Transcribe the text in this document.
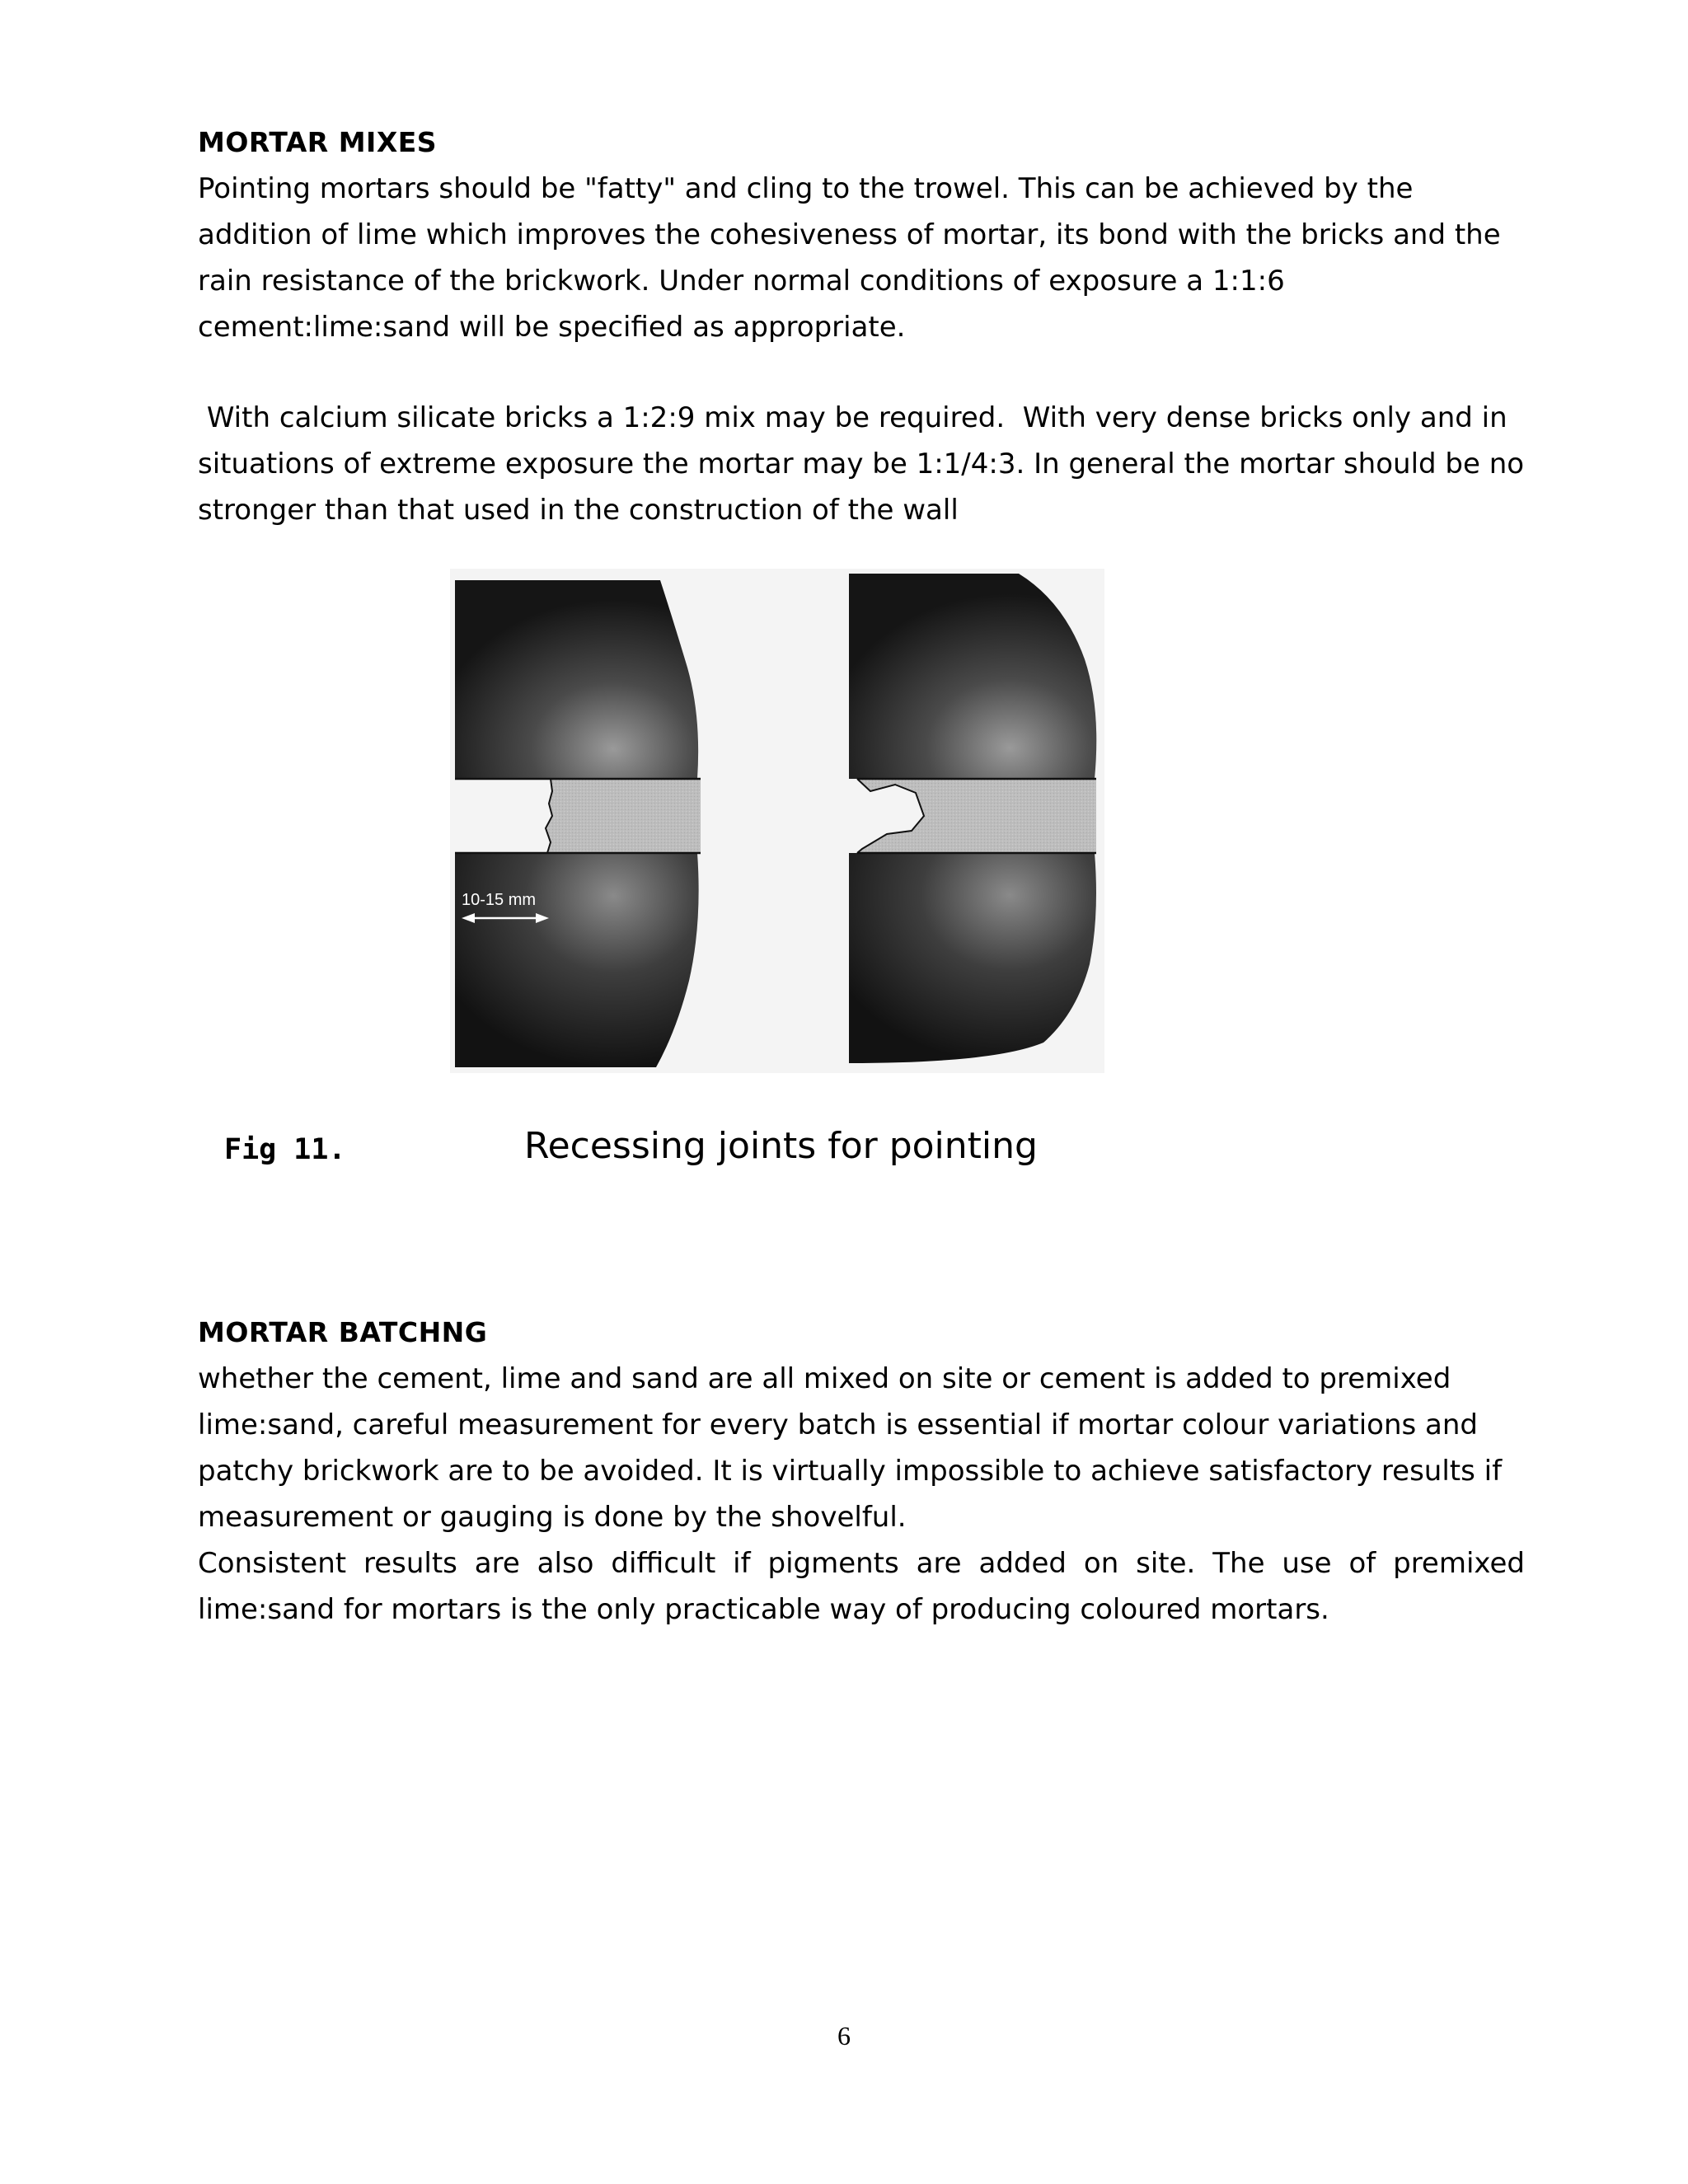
MORTAR MIXES

Pointing mortars should be "fatty" and cling to the trowel. This can be achieved by the addition of lime which improves the cohesiveness of mortar, its bond with the bricks and the rain resistance of the brickwork. Under normal conditions of exposure a 1:1:6 cement:lime:sand will be specified as appropriate.

With calcium silicate bricks a 1:2:9 mix may be required.  With very dense bricks only and in situations of extreme exposure the mortar may be 1:1/4:3. In general the mortar should be no stronger than that used in the construction of the wall

10-15 mm
Fig 11.	Recessing joints for pointing
MORTAR BATCHNG

whether the cement, lime and sand are all mixed on site or cement is added to premixed lime:sand, careful measurement for every batch is essential if mortar colour variations and patchy brickwork are to be avoided. It is virtually impossible to achieve satisfactory results if measurement or gauging is done by the shovelful.

Consistent results are also difficult if pigments are added on site. The use of premixed lime:sand for mortars is the only practicable way of producing coloured mortars.

6
